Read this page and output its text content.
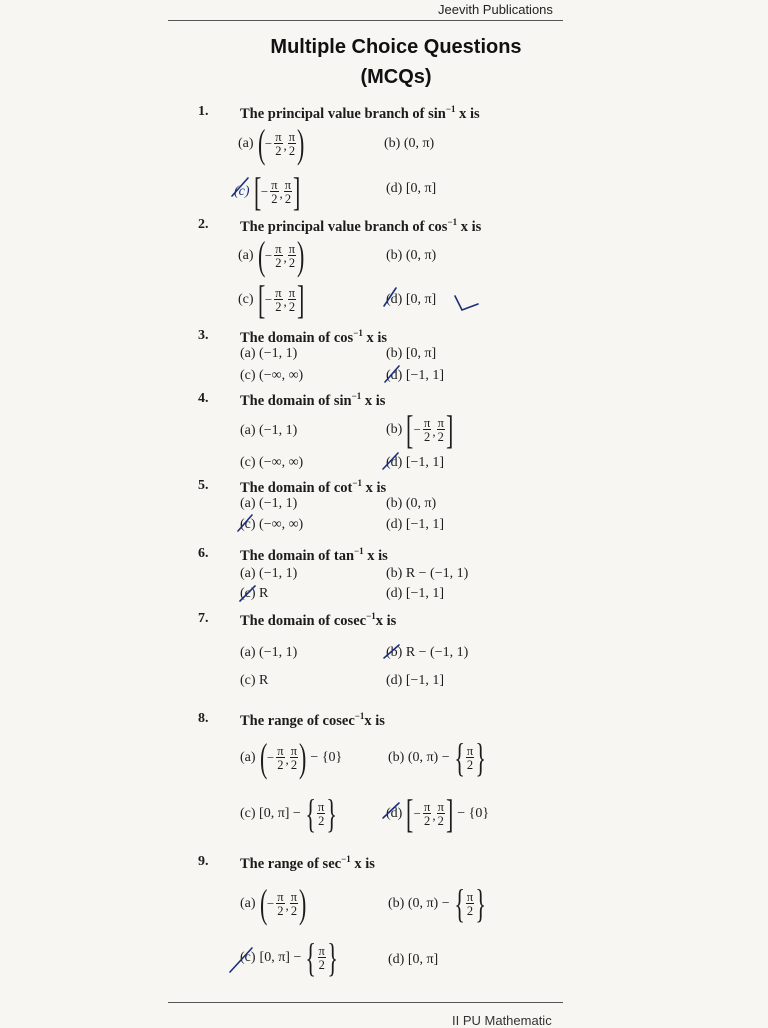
Jeevith Publications
Multiple Choice Questions
(MCQs)
1. The principal value branch of $\sin^{-1} x$ is
(a) ( − $\frac{\pi}{2}$ , $\frac{\pi}{2}$ )	(b) (0, π)
(c) [ − $\frac{\pi}{2}$ , $\frac{\pi}{2}$ ]	(d) [0, π]
2. The principal value branch of $\cos^{-1} x$ is
(a) ( − $\frac{\pi}{2}$ , $\frac{\pi}{2}$ )	(b) (0, π)
(c) [ − $\frac{\pi}{2}$ , $\frac{\pi}{2}$ ]	(d) [0, π]
3. The domain of $\cos^{-1} x$ is
(a) (−1, 1)	(b) [0, π]
(c) (−∞, ∞)	(d) [−1, 1]
4. The domain of $\sin^{-1} x$ is
(a) (−1, 1)	(b) [ − $\frac{\pi}{2}$ , $\frac{\pi}{2}$ ]
(c) (−∞, ∞)	(d) [−1, 1]
5. The domain of $\cot^{-1} x$ is
(a) (−1, 1)	(b) (0, π)
(c) (−∞, ∞)	(d) [−1, 1]
6. The domain of $\tan^{-1} x$ is
(a) (−1, 1)	(b) R − (−1, 1)
(c) R	(d) [−1, 1]
7. The domain of cosec$^{-1}$x is
(a) (−1, 1)	(b) R − (−1, 1)
(c) R	(d) [−1, 1]
8. The range of cosec$^{-1}$x is
(a) ( − $\frac{\pi}{2}$ , $\frac{\pi}{2}$ ) − {0}	(b) (0, π) − { $\frac{\pi}{2}$ }
(c) [0, π] − { $\frac{\pi}{2}$ }	(d) [ − $\frac{\pi}{2}$ , $\frac{\pi}{2}$ ] − {0}
9. The range of $\sec^{-1} x$ is
(a) ( − $\frac{\pi}{2}$ , $\frac{\pi}{2}$ )	(b) (0, π) − { $\frac{\pi}{2}$ }
(c) [0, π] − { $\frac{\pi}{2}$ }	(d) [0, π]
II PU Mathematic
